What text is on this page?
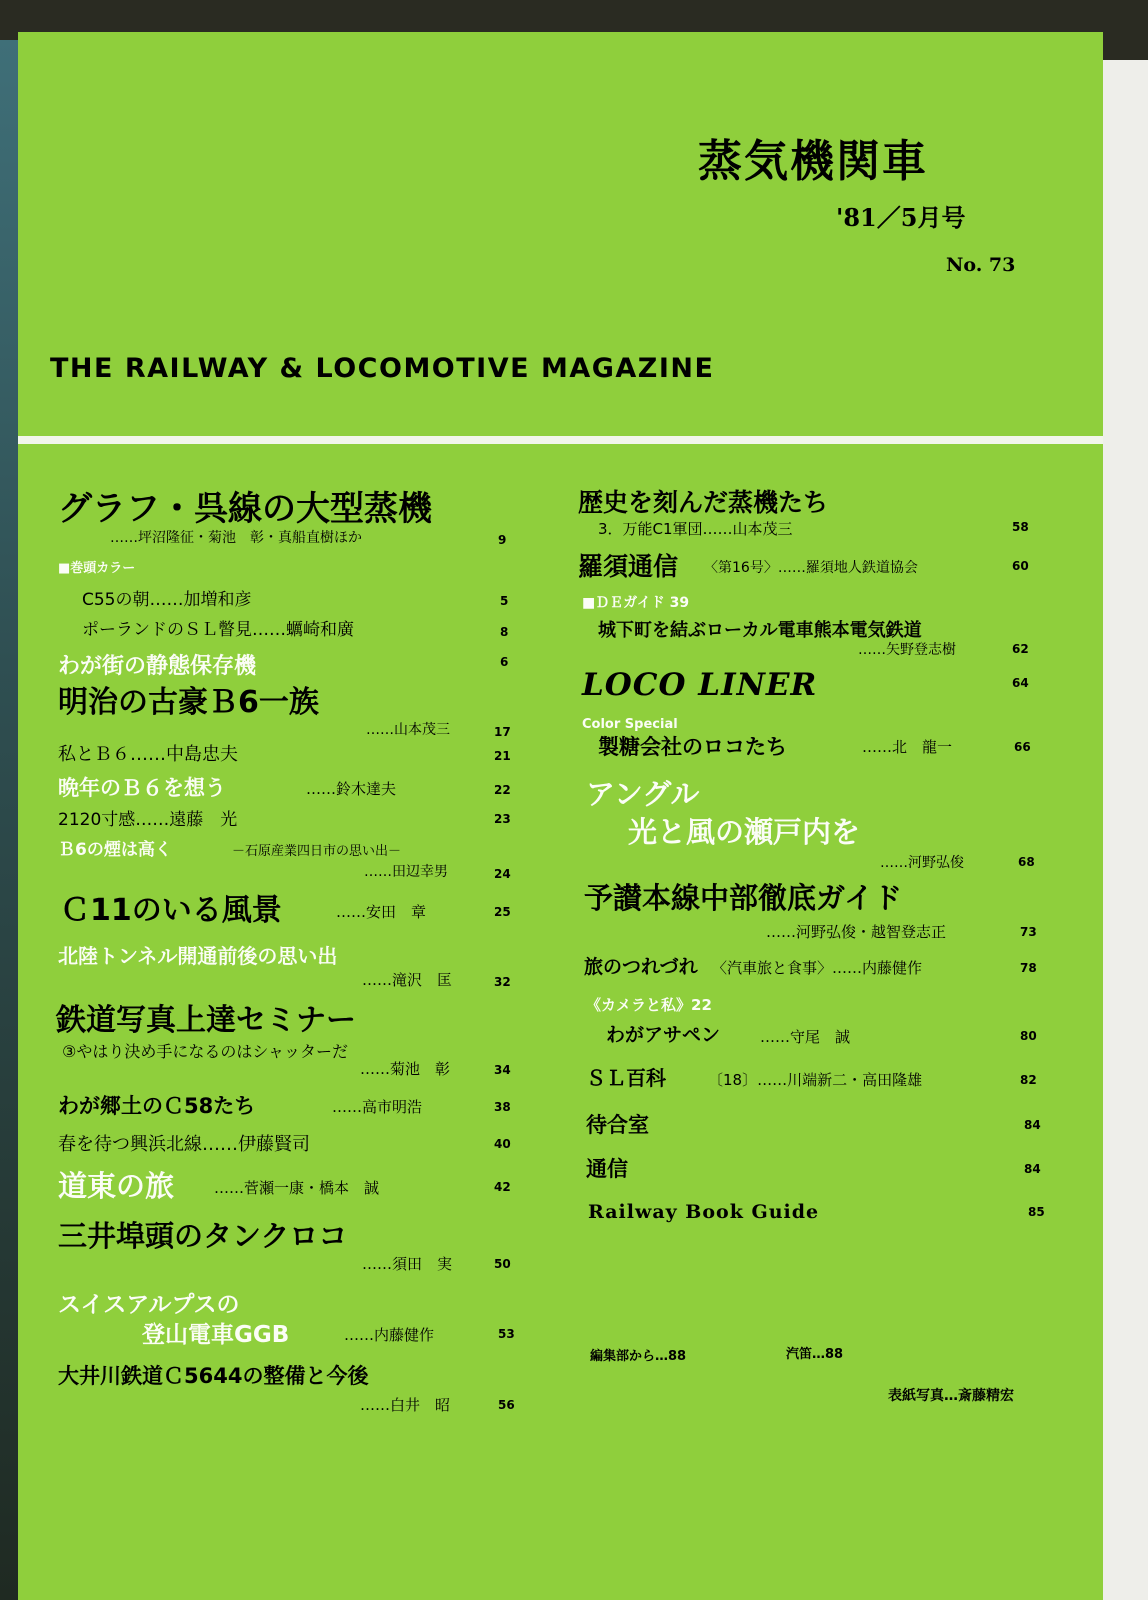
蒸気機関車
'81／5月号
No. 73
THE RAILWAY & LOCOMOTIVE MAGAZINE
グラフ・呉線の大型蒸機
……坪沼隆征・菊池　彰・真船直樹ほか	9
■巻頭カラー
C55の朝……加増和彦	5
ポーランドのＳＬ瞥見……蠣崎和廣	8
わが街の静態保存機	6
明治の古豪Ｂ6一族
……山本茂三	17
私とＢ６……中島忠夫	21
晩年のＢ６を想う	……鈴木達夫	22
2120寸感……遠藤　光	23
Ｂ6の煙は高く	－石原産業四日市の思い出－
……田辺幸男	24
Ｃ11のいる風景	……安田　章	25
北陸トンネル開通前後の思い出
……滝沢　匡	32
鉄道写真上達セミナー
③やはり決め手になるのはシャッターだ
……菊池　彰	34
わが郷土のＣ58たち	……高市明浩	38
春を待つ興浜北線……伊藤賢司	40
道東の旅	……菅瀬一康・橋本　誠	42
三井埠頭のタンクロコ
……須田　実	50
スイスアルプスの
登山電車GGB	……内藤健作	53
大井川鉄道Ｃ5644の整備と今後
……白井　昭	56
歴史を刻んだ蒸機たち
3．万能C1軍団……山本茂三	58
羅須通信 〈第16号〉……羅須地人鉄道協会	60
■ＤＥガイド 39
城下町を結ぶローカル電車熊本電気鉄道
……矢野登志樹	62
LOCO LINER	64
Color Special
製糖会社のロコたち	……北　龍一	66
アングル
光と風の瀬戸内を
……河野弘俊	68
予讃本線中部徹底ガイド
……河野弘俊・越智登志正	73
旅のつれづれ 〈汽車旅と食事〉……内藤健作	78
《カメラと私》22
わがアサペン	……守尾　誠	80
ＳＬ百科	〔18〕……川端新二・高田隆雄	82
待合室	84
通信	84
Railway Book Guide	85
編集部から…88	汽笛…88
表紙写真…斎藤精宏
